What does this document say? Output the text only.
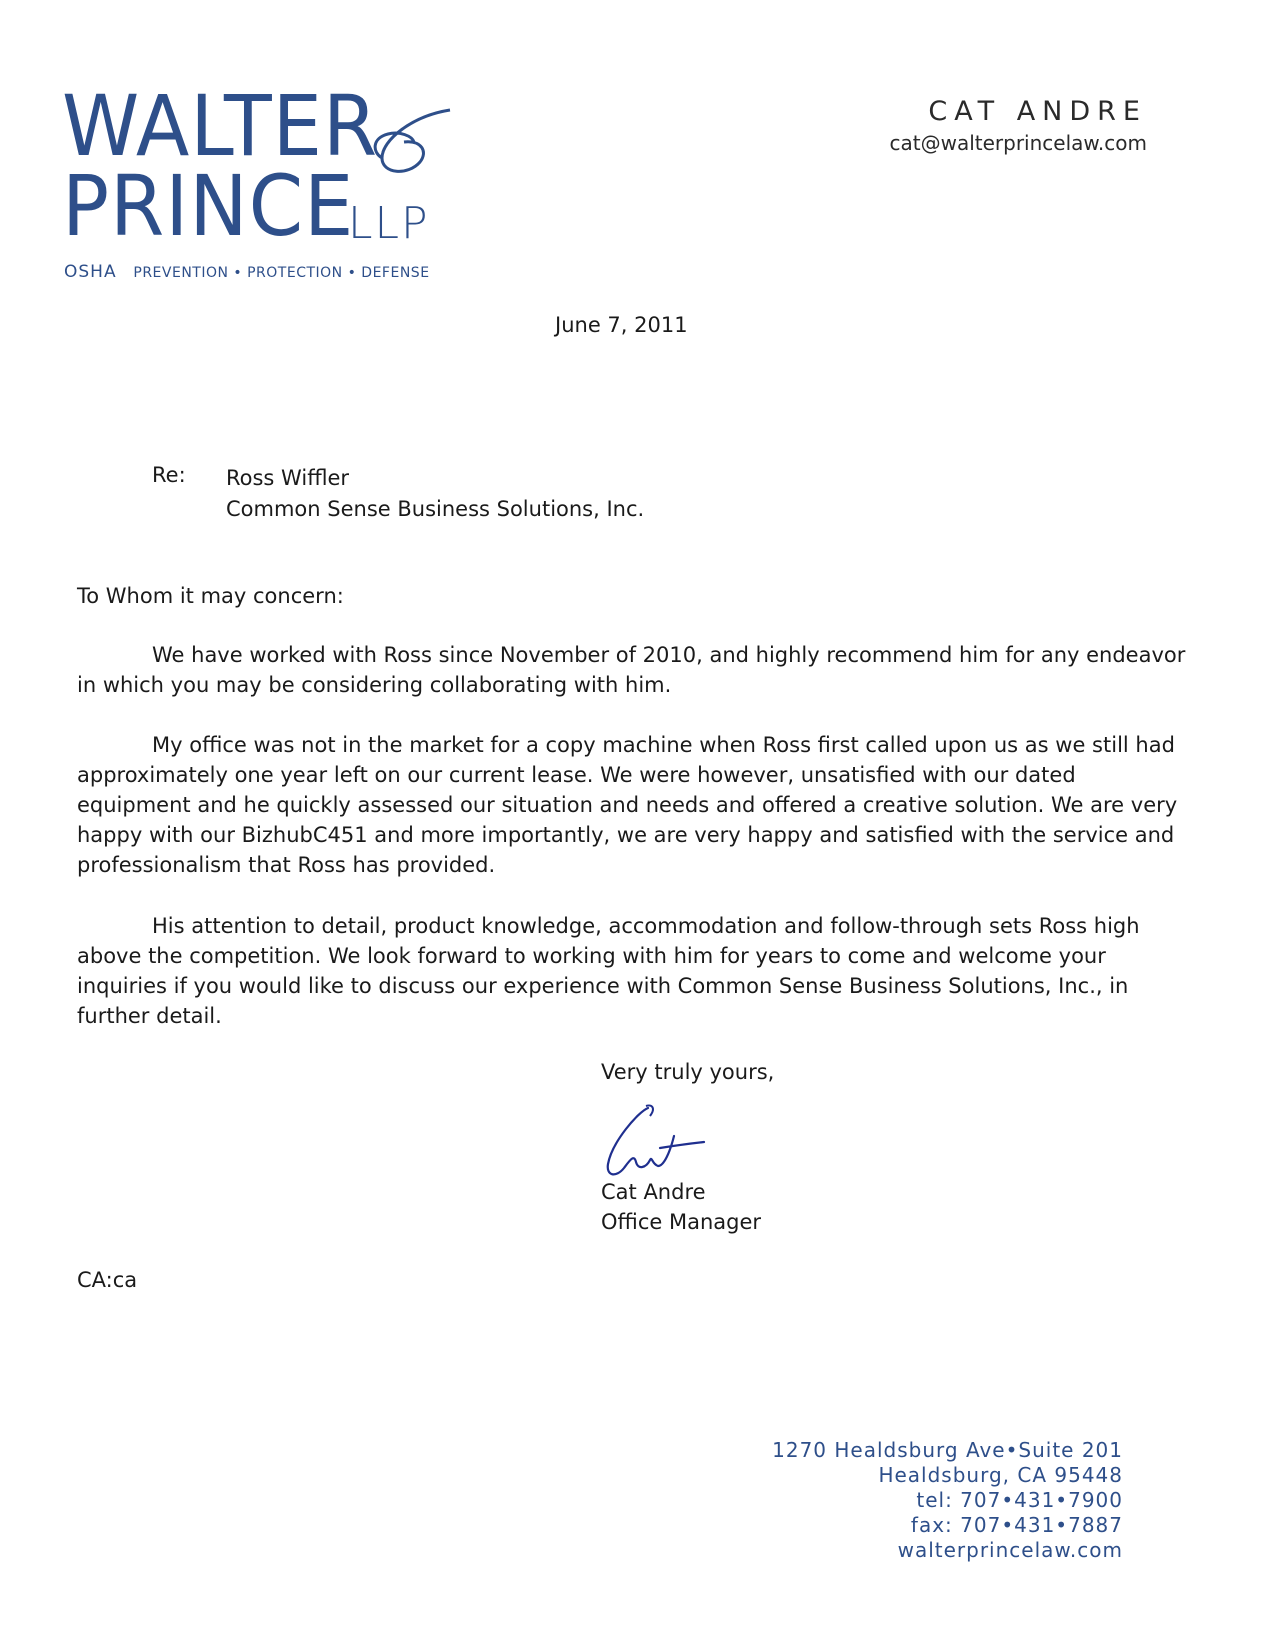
WALTER
PRINCE
LLP
OSHA PREVENTION • PROTECTION • DEFENSE
CAT ANDRE
cat@walterprincelaw.com
June 7, 2011
Re: Ross Wiffler
Common Sense Business Solutions, Inc.
To Whom it may concern:

We have worked with Ross since November of 2010, and highly recommend him for any endeavor in which you may be considering collaborating with him.

My office was not in the market for a copy machine when Ross first called upon us as we still had approximately one year left on our current lease. We were however, unsatisfied with our dated equipment and he quickly assessed our situation and needs and offered a creative solution. We are very happy with our BizhubC451 and more importantly, we are very happy and satisfied with the service and professionalism that Ross has provided.

His attention to detail, product knowledge, accommodation and follow-through sets Ross high above the competition. We look forward to working with him for years to come and welcome your inquiries if you would like to discuss our experience with Common Sense Business Solutions, Inc., in further detail.

Very truly yours,
Cat Andre
Office Manager
CA:ca
1270 Healdsburg Ave•Suite 201
Healdsburg, CA 95448
tel: 707•431•7900
fax: 707•431•7887
walterprincelaw.com
